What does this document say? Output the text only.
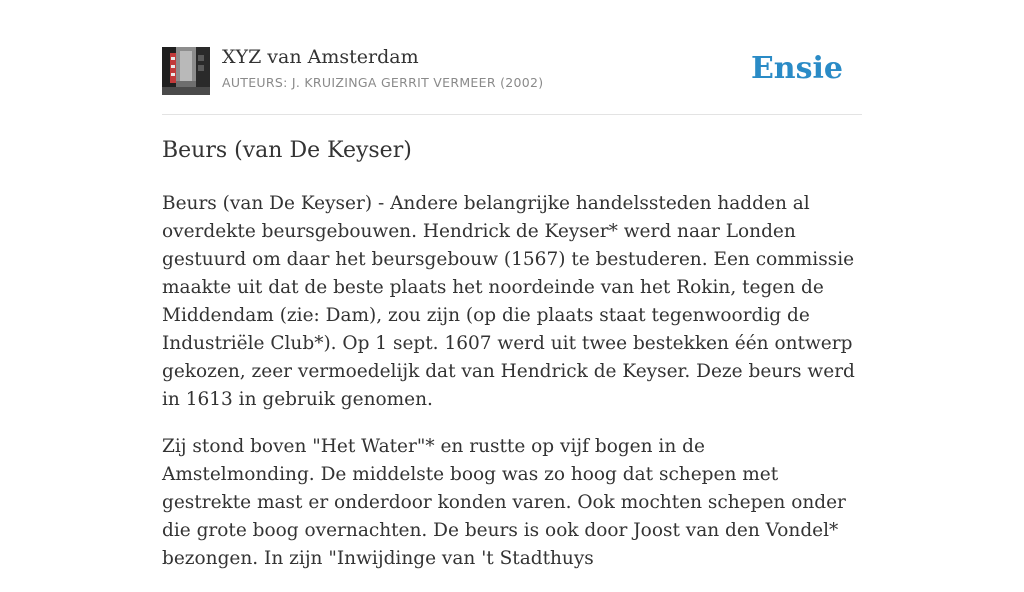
XYZ van Amsterdam
AUTEURS: J. KRUIZINGA GERRIT VERMEER (2002)	Ensie
Beurs (van De Keyser)

Beurs (van De Keyser) - Andere belangrijke handelssteden hadden al overdekte beursgebouwen. Hendrick de Keyser* werd naar Londen gestuurd om daar het beursgebouw (1567) te bestuderen. Een commissie maakte uit dat de beste plaats het noordeinde van het Rokin, tegen de Middendam (zie: Dam), zou zijn (op die plaats staat tegenwoordig de Industriële Club*). Op 1 sept. 1607 werd uit twee bestekken één ontwerp gekozen, zeer vermoedelijk dat van Hendrick de Keyser. Deze beurs werd in 1613 in gebruik genomen.

Zij stond boven "Het Water"* en rustte op vijf bogen in de Amstelmonding. De middelste boog was zo hoog dat schepen met gestrekte mast er onderdoor konden varen. Ook mochten schepen onder die grote boog overnachten. De beurs is ook door Joost van den Vondel* bezongen. In zijn "Inwijdinge van 't Stadthuys
